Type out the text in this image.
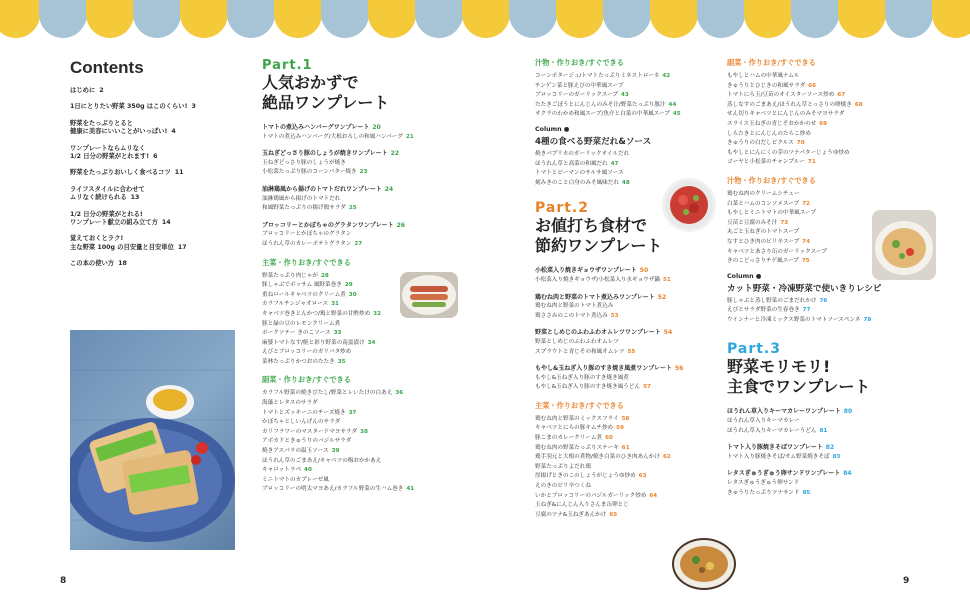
Contents
はじめに 2
1日にとりたい野菜 350g はこのくらい! 3
野菜をたっぷりとると
健康に美容にいいことがいっぱい! 4
ワンプレートならムリなく
1/2 日分の野菜がとれます! 6
野菜をたっぷりおいしく食べるコツ 11
ライフスタイルに合わせて
ムリなく続けられる 13
1/2 日分の野菜がとれる!
ワンプレート献立の組み立て方 14
覚えておくとラク!
主な野菜 100g の目安量と目安単位 17
この本の使い方 18
8	9
Part.1
人気おかずで
絶品ワンプレート
トマトの煮込みハンバーグワンプレート 20
トマトの煮込みハンバーグ/大根おろしの和風ハンバーグ 21
玉ねぎどっさり豚のしょうが焼きワンプレート 22
玉ねぎどっさり豚のしょうが焼き
小松菜たっぷり豚のコーンバター焼き 23
油淋鶏風から揚げのトマトだれワンプレート 24
油淋鶏風から揚げのトマトだれ
和風野菜たっぷりの揚げ鶏サラダ 25
ブロッコリーとかぼちゃのグラタンワンプレート 26
ブロッコリーとかぼちゃのグラタン
ほうれん草のカレーポテトグラタン 27
主菜・作りおき/すぐできる
野菜たっぷり肉じゃが 28
豚しゃぶでボッサム 風野菜巻き 29
重ねロールキャベツのクリーム煮 30
カラフルチンジャオロース 31
キャベツ巻きとんかつ/鶏と野菜の甘酢炒め 32
豚と緑の豆のレモンクリーム煮
ポークソテー きのこソース 33
麻婆トマトなす/鮭と彩り野菜の南蛮漬け 34
えびとブロッコリーのガリバタ炒め
菜林たっぷりかつおのたたき 35
副菜・作りおき/すぐできる
カラフル野菜の焼きびたし/野菜とレいたけの白あえ 36
海藻とレタスのサラダ
トマトとズッキーニのチーズ焼き 37
かぼちゃとしいんげんのサラダ
カリフラワーのマスタードマヨサラダ 38
アボカドときゅうりのバジルサラダ
焼きアスパラの温玉ソース 39
ほうれん草のごまあえ/キャベツの梅おかかあえ
キャロットラペ 40
ミニトマトのカプレーゼ風
ブロッコリーの明太マヨあえ/カラフル野菜の生ハム巻き 41
汁物・作りおき/すぐできる
コーンポタージュ/トマトたっぷりミネストローネ 42
チンゲン菜と豚えびの中華風スープ
ブロッコリーのガーリックスープ 43
たたきごぼうとにんじんのみそ汁/野菜たっぷり豚汁 44
オクラのわかめ和風スープ/魚介と白菜の中華風スープ 45
Column ●
4種の食べる野菜だれ&ソース
焼きパプリカのガーリックオイルだれ
ほうれん草と高菜の和風だれ 47
トマトとピーマンのサルサ風ソース
刻みきのこと白身のみそ風味だれ 48
Part.2
お値打ち食材で
節約ワンプレート
小松菜入り焼きギョウザワンプレート 50
小松菜入り焼きギョウザ/小松菜入り水ギョウザ鍋 51
鶏むね肉と野菜のトマト煮込みワンプレート 52
鶏むね肉と野菜のトマト煮込み
鶏ささみのこのトマト煮込み 53
野菜としめじのふわふわオムレツワンプレート 54
野菜としめじのふわふわオムレツ
スプラウトと青じその和風オムレツ 55
もやし&玉ねぎ入り豚のすき焼き風煮ワンプレート 56
もやし&玉ねぎ入り豚のすき焼き風煮
もやし&玉ねぎ入り豚のすき焼き風うどん 57
主菜・作りおき/すぐできる
鶏むね肉と野菜のミックスフライ 58
キャベツとにらの豚キムチ炒め 59
豚こまのカレークリーム煮 60
鶏むね肉の野菜たっぷりステーキ 61
鶏手羽元と大根の煮物/焼き白菜のひき肉あんかけ 62
野菜たっぷりよだれ鶏
厚揚げときのこのしょうがじょうゆ炒め 63
えのきのピリ辛つくね
いかとブロッコリーのバジルガーリック炒め 64
玉ねぎ&にんじん入りさんま缶卵とじ
豆腐のツナ&玉ねぎあんかけ 65
副菜・作りおき/すぐできる
もやしとハムの中華風ナムル
きゅうりとひじきの和風サラダ 66
トマトにら玉/豆苗のオイスターソース炒め 67
蒸しなすのごまあえ/ほうれん草とっさりの卵焼き 68
せん切りキャベツとにんじんのみそマヨサラダ
スライス玉ねぎの青じそおかかのせ 69
しらたきとにんじんのたらこ炒め
きゅうりの白だしピクルス 70
もやしとにんにくの芽のツナバターじょうゆ炒め
ゴーヤと小松菜のチャンプルー 71
汁物・作りおき/すぐできる
鶏むね肉のクリームシチュー
白菜とハムのコンソメスープ 72
もやしとミニトマトの中華風スープ
豆苗と豆腐のみそ汁 73
丸ごと玉ねぎのトマトスープ
なすとひき肉のピリ辛スープ 74
キャベツとあさり缶のガーリックスープ
きのこどっさりチゲ風スープ 75
Column ●
カット野菜・冷凍野菜で使いきりレシピ
豚しゃぶと蒸し野菜のごまだれかけ 76
えびとサラダ野菜の生春巻き 77
ウインナーと冷凍ミックス野菜のトマトソースペンネ 78
Part.3
野菜モリモリ!
主食でワンプレート
ほうれん草入りキーマカレーワンプレート 80
ほうれん草入りキーマカレー
ほうれん草入りキーマカレーうどん 81
トマト入り豚焼きそばワンプレート 82
トマト入り豚焼きそば/オム野菜焼きそば 83
レタスぎゅうぎゅう卵サンドワンプレート 84
レタスぎゅうぎゅう卵サンド
きゅうりたっぷりツナサンド 85
